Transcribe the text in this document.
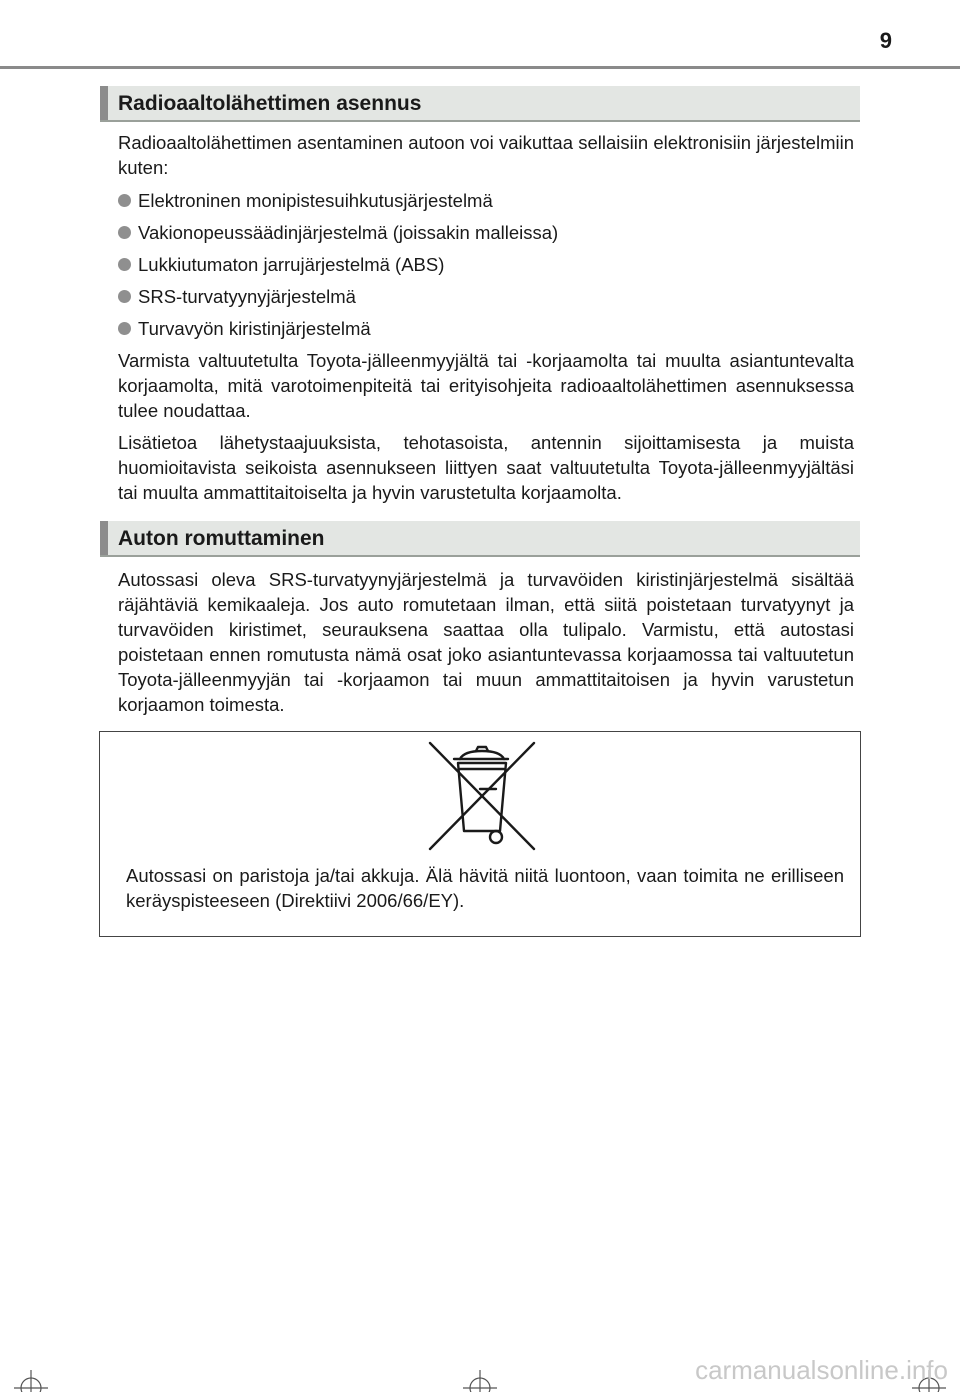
9
Radioaaltolähettimen asennus

Radioaaltolähettimen asentaminen autoon voi vaikuttaa sellaisiin elektronisiin järjestelmiin kuten:

Elektroninen monipistesuihkutusjärjestelmä

Vakionopeussäädinjärjestelmä (joissakin malleissa)

Lukkiutumaton jarrujärjestelmä (ABS)

SRS-turvatyynyjärjestelmä

Turvavyön kiristinjärjestelmä

Varmista valtuutetulta Toyota-jälleenmyyjältä tai -korjaamolta tai muulta asiantuntevalta korjaamolta, mitä varotoimenpiteitä tai erityisohjeita radioaaltolähettimen asennuksessa tulee noudattaa.

Lisätietoa lähetystaajuuksista, tehotasoista, antennin sijoittamisesta ja muista huomioitavista seikoista asennukseen liittyen saat valtuutetulta Toyota-jälleenmyyjältäsi tai muulta ammattitaitoiselta ja hyvin varustetulta korjaamolta.

Auton romuttaminen

Autossasi oleva SRS-turvatyynyjärjestelmä ja turvavöiden kiristinjärjestelmä sisältää räjähtäviä kemikaaleja. Jos auto romutetaan ilman, että siitä poistetaan turvatyynyt ja turvavöiden kiristimet, seurauksena saattaa olla tulipalo. Varmistu, että autostasi poistetaan ennen romutusta nämä osat joko asiantuntevassa korjaamossa tai valtuutetun Toyota-jälleenmyyjän tai -korjaamon tai muun ammattitaitoisen ja hyvin varustetun korjaamon toimesta.

Autossasi on paristoja ja/tai akkuja. Älä hävitä niitä luontoon, vaan toimita ne erilliseen keräyspisteeseen (Direktiivi 2006/66/EY).

carmanualsonline.info
